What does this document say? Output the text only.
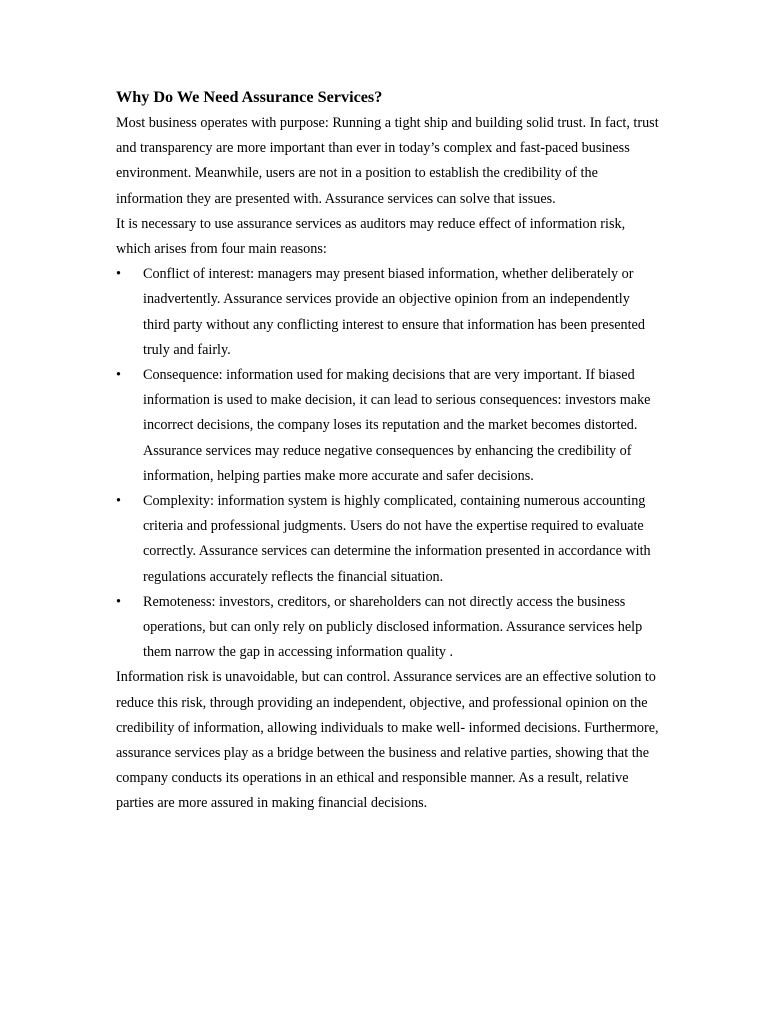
Why Do We Need Assurance Services?

Most business operates with purpose: Running a tight ship and building solid trust. In fact, trust and transparency are more important than ever in today’s complex and fast-paced business environment. Meanwhile, users are not in a position to establish the credibility of the information they are presented with. Assurance services can solve that issues.

It is necessary to use assurance services as auditors may reduce effect of information risk, which arises from four main reasons:

•	Conflict of interest: managers may present biased information, whether deliberately or inadvertently. Assurance services provide an objective opinion from an independently third party without any conflicting interest to ensure that information has been presented truly and fairly.
•	Consequence: information used for making decisions that are very important. If biased information is used to make decision, it can lead to serious consequences: investors make incorrect decisions, the company loses its reputation and the market becomes distorted. Assurance services may reduce negative consequences by enhancing the credibility of information, helping parties make more accurate and safer decisions.
•	Complexity: information system is highly complicated, containing numerous accounting criteria and professional judgments. Users do not have the expertise required to evaluate correctly. Assurance services can determine the information presented in accordance with regulations accurately reflects the financial situation.
•	Remoteness: investors, creditors, or shareholders can not directly access the business operations, but can only rely on publicly disclosed information. Assurance services help them narrow the gap in accessing information quality .

Information risk is unavoidable, but can control. Assurance services are an effective solution to reduce this risk, through providing an independent, objective, and professional opinion on the credibility of information, allowing individuals to make well- informed decisions. Furthermore, assurance services play as a bridge between the business and relative parties, showing that the company conducts its operations in an ethical and responsible manner. As a result, relative parties are more assured in making financial decisions.
